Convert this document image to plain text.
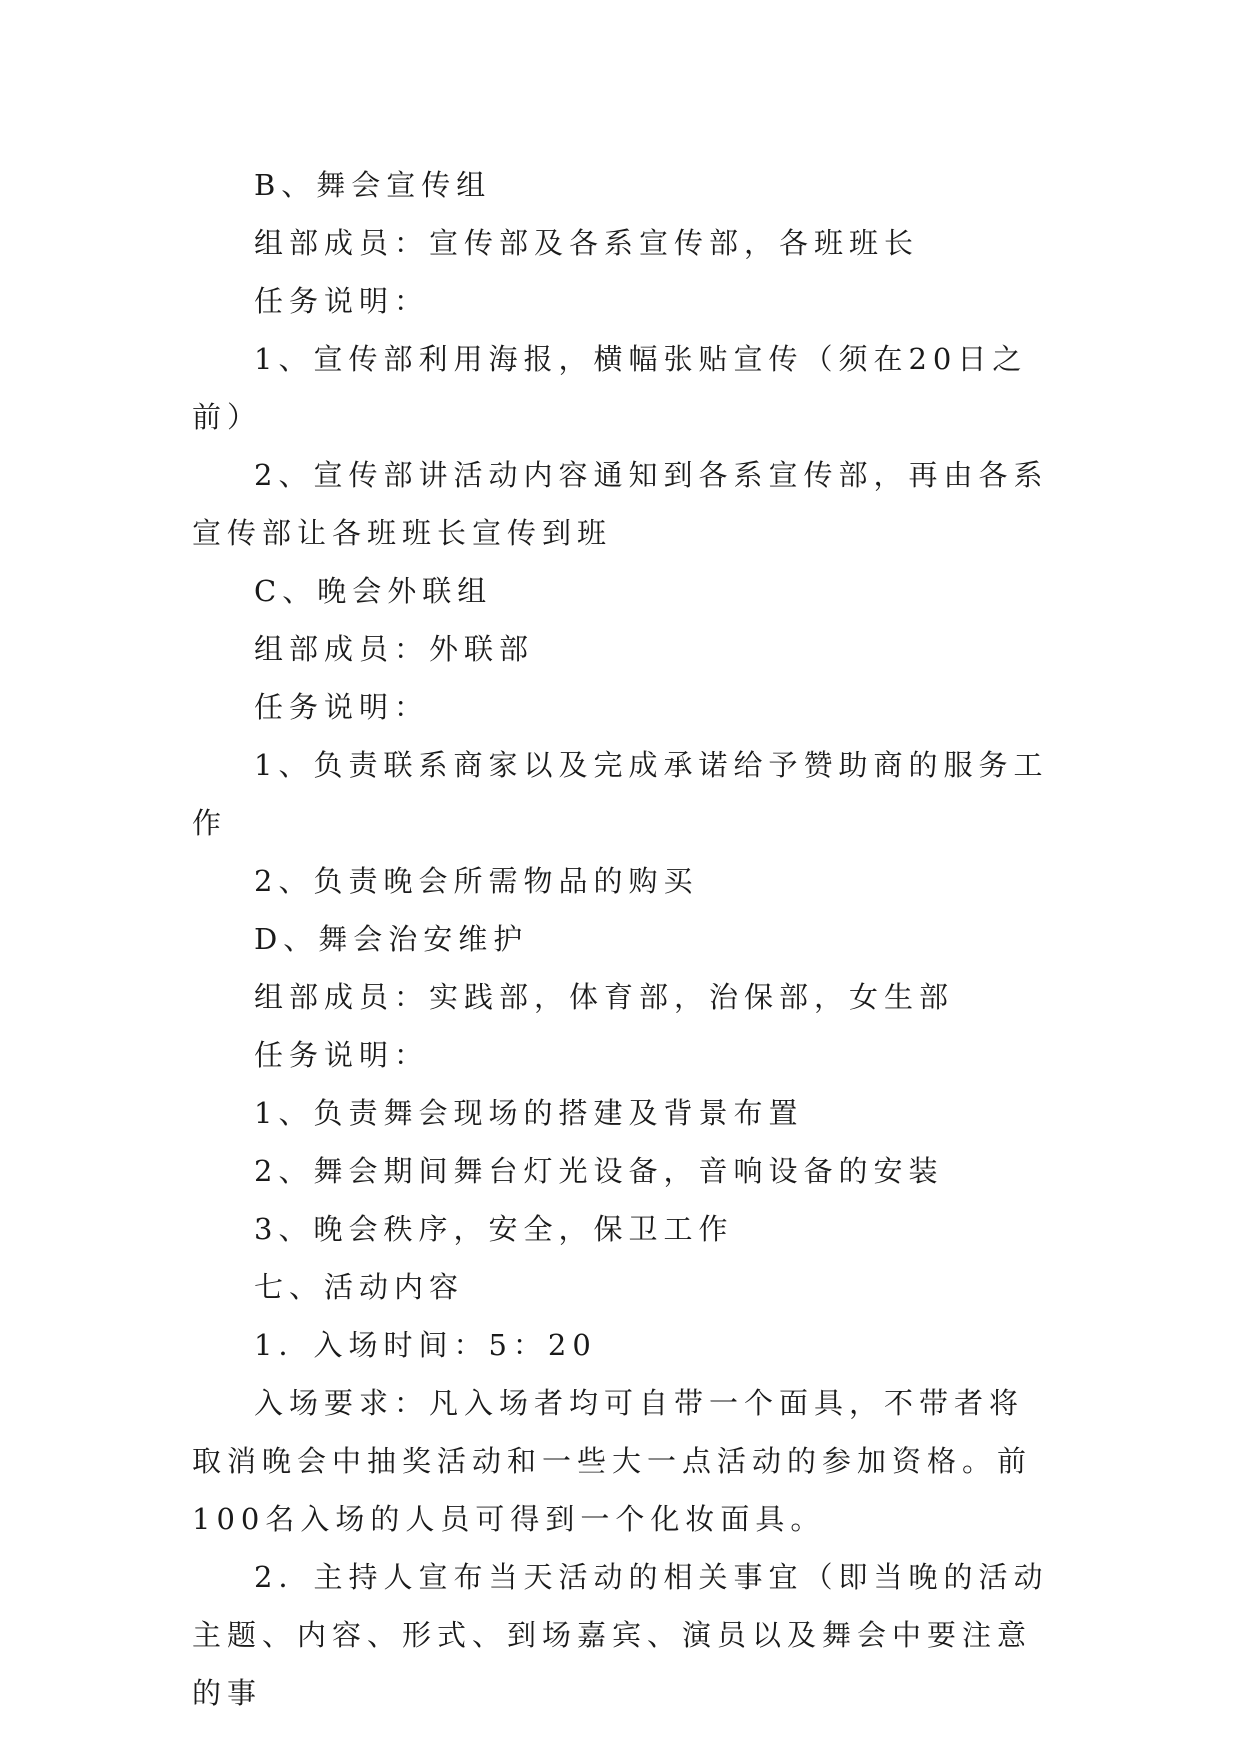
B、舞会宣传组

组部成员：宣传部及各系宣传部，各班班长

任务说明：

1、宣传部利用海报，横幅张贴宣传（须在20日之前）

2、宣传部讲活动内容通知到各系宣传部，再由各系宣传部让各班班长宣传到班

C、晚会外联组

组部成员：外联部

任务说明：

1、负责联系商家以及完成承诺给予赞助商的服务工作

2、负责晚会所需物品的购买

D、舞会治安维护

组部成员：实践部，体育部，治保部，女生部

任务说明：

1、负责舞会现场的搭建及背景布置

2、舞会期间舞台灯光设备，音响设备的安装

3、晚会秩序，安全，保卫工作

七、活动内容

1．入场时间：5：20

入场要求：凡入场者均可自带一个面具，不带者将取消晚会中抽奖活动和一些大一点活动的参加资格。前100名入场的人员可得到一个化妆面具。

2．主持人宣布当天活动的相关事宜（即当晚的活动主题、内容、形式、到场嘉宾、演员以及舞会中要注意的事
